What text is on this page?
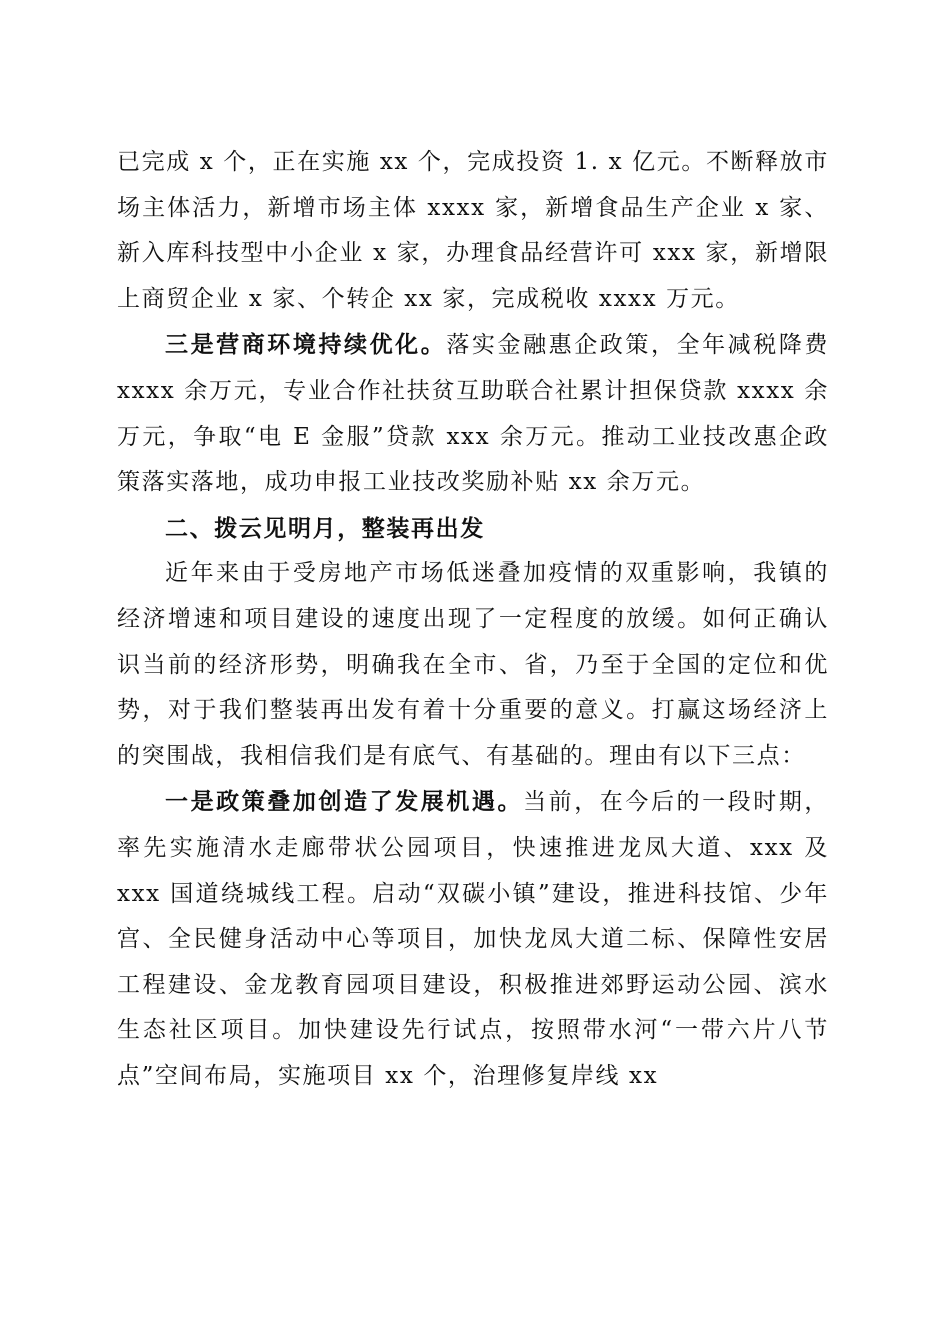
已完成 x 个，正在实施 xx 个，完成投资 1. x 亿元。不断释放市场主体活力，新增市场主体 xxxx 家，新增食品生产企业 x 家、新入库科技型中小企业 x 家，办理食品经营许可 xxx 家，新增限上商贸企业 x 家、个转企 xx 家，完成税收 xxxx 万元。

三是营商环境持续优化。落实金融惠企政策，全年减税降费 xxxx 余万元，专业合作社扶贫互助联合社累计担保贷款 xxxx 余万元，争取“电 E 金服”贷款 xxx 余万元。推动工业技改惠企政策落实落地，成功申报工业技改奖励补贴 xx 余万元。

二、拨云见明月，整装再出发

近年来由于受房地产市场低迷叠加疫情的双重影响，我镇的经济增速和项目建设的速度出现了一定程度的放缓。如何正确认识当前的经济形势，明确我在全市、省，乃至于全国的定位和优势，对于我们整装再出发有着十分重要的意义。打赢这场经济上的突围战，我相信我们是有底气、有基础的。理由有以下三点：

一是政策叠加创造了发展机遇。当前，在今后的一段时期，率先实施清水走廊带状公园项目，快速推进龙凤大道、xxx 及 xxx 国道绕城线工程。启动“双碳小镇”建设，推进科技馆、少年宫、全民健身活动中心等项目，加快龙凤大道二标、保障性安居工程建设、金龙教育园项目建设，积极推进郊野运动公园、滨水生态社区项目。加快建设先行试点，按照带水河“一带六片八节点”空间布局，实施项目 xx 个，治理修复岸线 xx
